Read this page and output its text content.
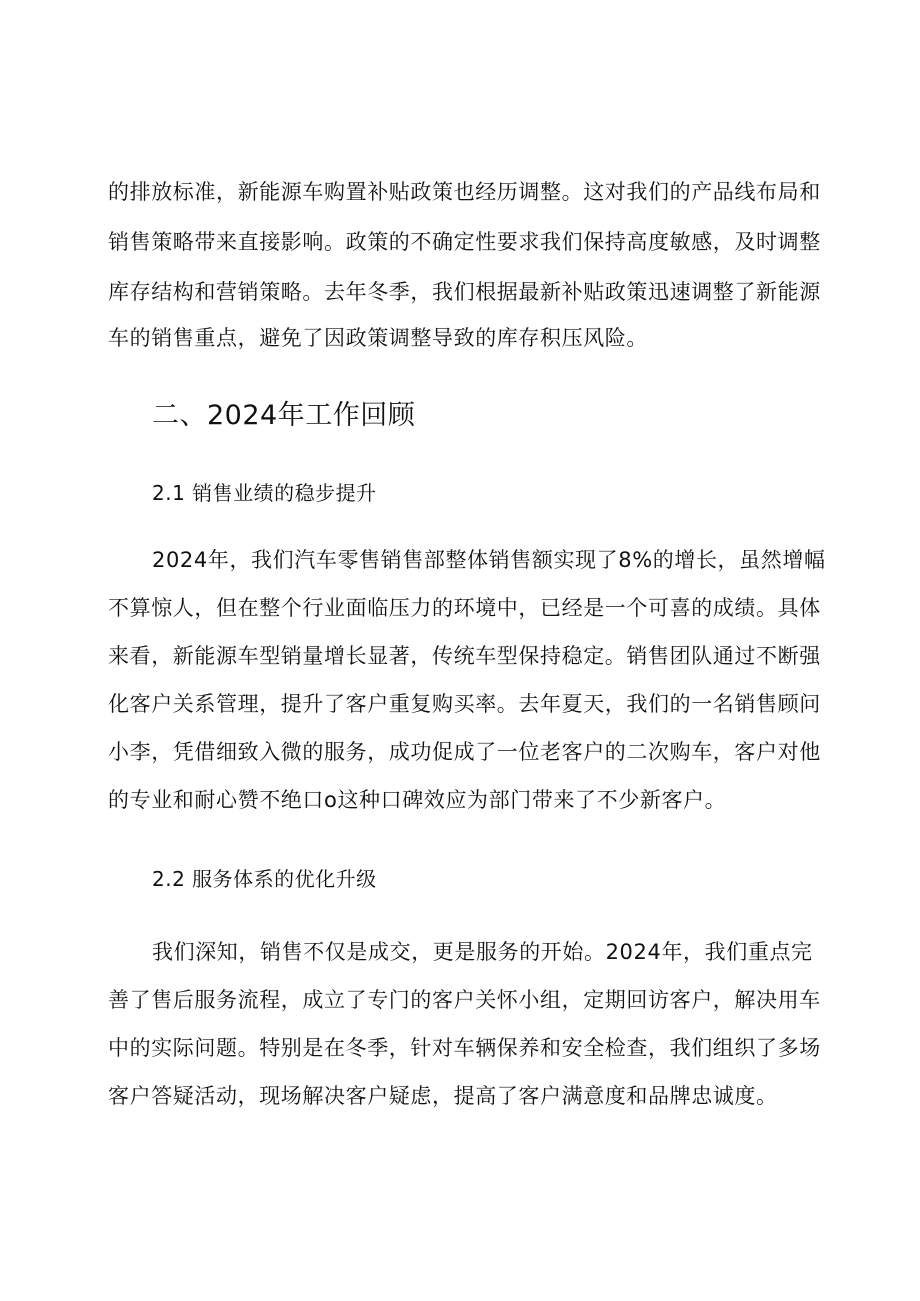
的排放标准，新能源车购置补贴政策也经历调整。这对我们的产品线布局和
销售策略带来直接影响。政策的不确定性要求我们保持高度敏感，及时调整
库存结构和营销策略。去年冬季，我们根据最新补贴政策迅速调整了新能源
车的销售重点，避免了因政策调整导致的库存积压风险。
二、2024年工作回顾
2.1 销售业绩的稳步提升
2024年，我们汽车零售销售部整体销售额实现了8%的增长，虽然增幅
不算惊人，但在整个行业面临压力的环境中，已经是一个可喜的成绩。具体
来看，新能源车型销量增长显著，传统车型保持稳定。销售团队通过不断强
化客户关系管理，提升了客户重复购买率。去年夏天，我们的一名销售顾问
小李，凭借细致入微的服务，成功促成了一位老客户的二次购车，客户对他
的专业和耐心赞不绝口o这种口碑效应为部门带来了不少新客户。
2.2 服务体系的优化升级
我们深知，销售不仅是成交，更是服务的开始。2024年，我们重点完
善了售后服务流程，成立了专门的客户关怀小组，定期回访客户，解决用车
中的实际问题。特别是在冬季，针对车辆保养和安全检查，我们组织了多场
客户答疑活动，现场解决客户疑虑，提高了客户满意度和品牌忠诚度。
